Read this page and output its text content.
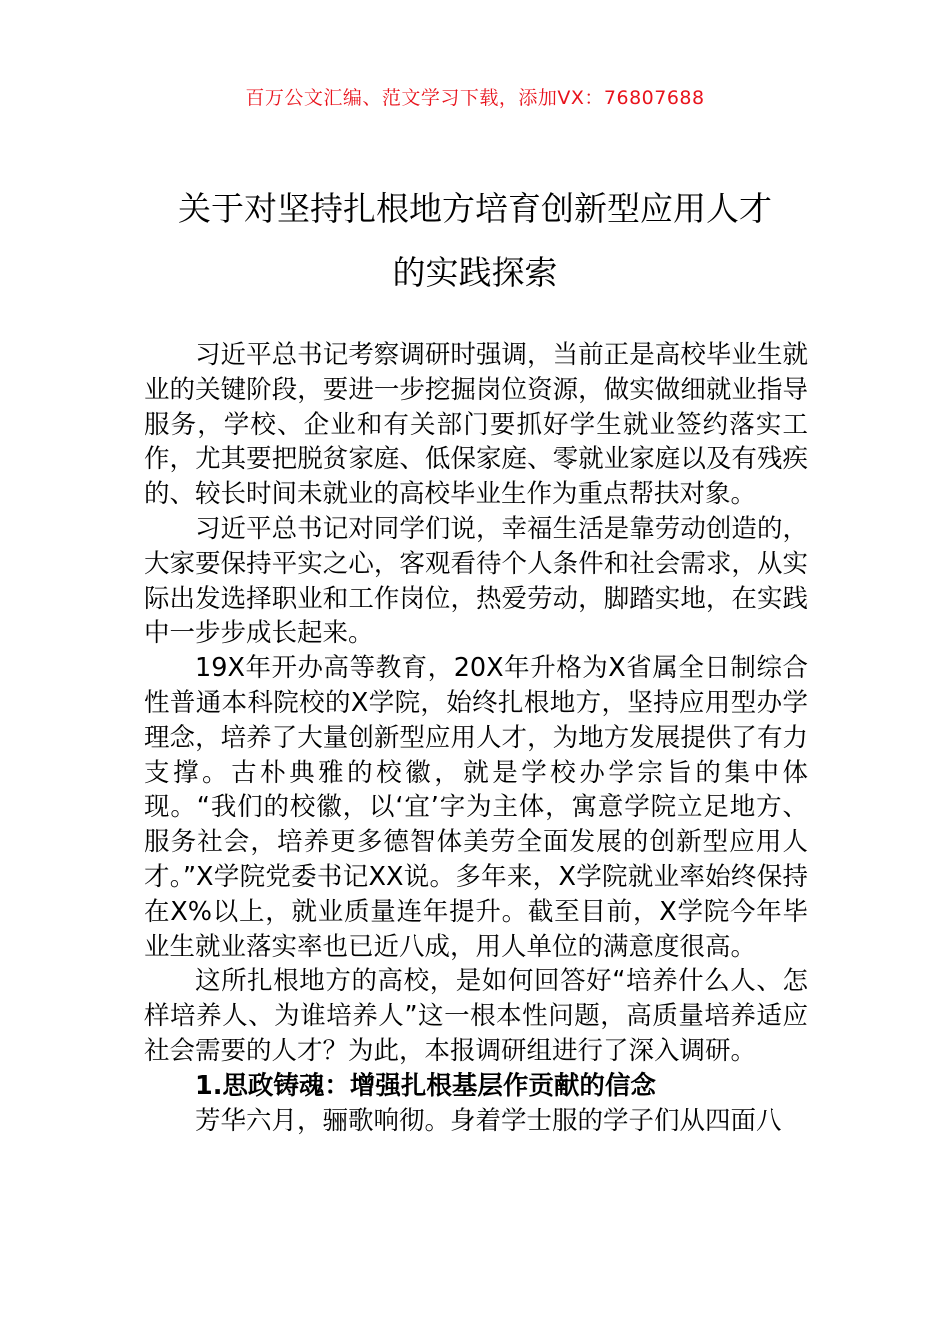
百万公文汇编、范文学习下载，添加VX：76807688
关于对坚持扎根地方培育创新型应用人才
的实践探索

习近平总书记考察调研时强调，当前正是高校毕业生就业的关键阶段，要进一步挖掘岗位资源，做实做细就业指导服务，学校、企业和有关部门要抓好学生就业签约落实工作，尤其要把脱贫家庭、低保家庭、零就业家庭以及有残疾的、较长时间未就业的高校毕业生作为重点帮扶对象。

习近平总书记对同学们说，幸福生活是靠劳动创造的，大家要保持平实之心，客观看待个人条件和社会需求，从实际出发选择职业和工作岗位，热爱劳动，脚踏实地，在实践中一步步成长起来。

19X年开办高等教育，20X年升格为X省属全日制综合性普通本科院校的X学院，始终扎根地方，坚持应用型办学理念，培养了大量创新型应用人才，为地方发展提供了有力支撑。古朴典雅的校徽，就是学校办学宗旨的集中体现。“我们的校徽，以‘宜’字为主体，寓意学院立足地方、服务社会，培养更多德智体美劳全面发展的创新型应用人才。”X学院党委书记XX说。多年来，X学院就业率始终保持在X%以上，就业质量连年提升。截至目前，X学院今年毕业生就业落实率也已近八成，用人单位的满意度很高。

这所扎根地方的高校，是如何回答好“培养什么人、怎样培养人、为谁培养人”这一根本性问题，高质量培养适应社会需要的人才？为此，本报调研组进行了深入调研。

1.思政铸魂：增强扎根基层作贡献的信念

芳华六月，骊歌响彻。身着学士服的学子们从四面八
